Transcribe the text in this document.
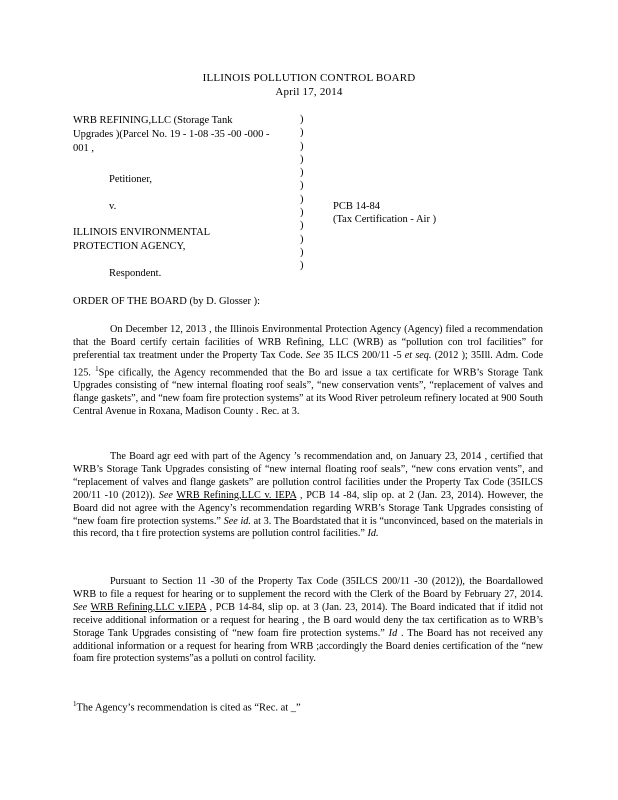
ILLINOIS POLLUTION CONTROL BOARD
April 17, 2014
WRB REFINING,LLC (Storage Tank
Upgrades )(Parcel No. 19 - 1-08 -35 -00 -000 -
001 ,
Petitioner,
v.
ILLINOIS ENVIRONMENTAL
PROTECTION AGENCY,
Respondent.
)
)
)
)
)
)
)
)
)
)
)
)
PCB 14-84
(Tax Certification - Air )
ORDER OF THE BOARD (by D. Glosser ):
On December 12, 2013 , the Illinois Environmental Protection Agency (Agency) filed a recommendation that the Board certify certain facilities of WRB Refining, LLC (WRB) as “pollution con trol facilities” for preferential tax treatment under the Property Tax Code. See 35 ILCS 200/11 -5 et seq. (2012 ); 35Ill. Adm. Code 125. $^1$Spe cifically, the Agency recommended that the Bo ard issue a tax certificate for WRB’s Storage Tank Upgrades consisting of “new internal floating roof seals”, “new conservation vents”, “replacement of valves and flange gaskets”, and “new foam fire protection systems” at its Wood River petroleum refinery located at 900 South Central Avenue in Roxana, Madison County . Rec. at 3.
The Board agr eed with part of the Agency ’s recommendation and, on January 23, 2014 , certified that WRB’s Storage Tank Upgrades consisting of “new internal floating roof seals”, “new cons ervation vents”, and “replacement of valves and flange gaskets” are pollution control facilities under the Property Tax Code (35ILCS 200/11 -10 (2012)). See WRB Refining,LLC v. IEPA , PCB 14 -84, slip op. at 2 (Jan. 23, 2014). However, the Board did not agree with the Agency’s recommendation regarding WRB’s Storage Tank Upgrades consisting of “new foam fire protection systems.” See id. at 3. The Boardstated that it is “unconvinced, based on the materials in this record, tha t fire protection systems are pollution control facilities.” Id.
Pursuant to Section 11 -30 of the Property Tax Code (35ILCS 200/11 -30 (2012)), the Boardallowed WRB to file a request for hearing or to supplement the record with the Clerk of the Board by February 27, 2014. See WRB Refining,LLC v.IEPA , PCB 14-84, slip op. at 3 (Jan. 23, 2014). The Board indicated that if itdid not receive additional information or a request for hearing , the B oard would deny the tax certification as to WRB’s Storage Tank Upgrades consisting of “new foam fire protection systems.” Id . The Board has not received any additional information or a request for hearing from WRB ;accordingly the Board denies certification of the “new foam fire protection systems”as a polluti on control facility.
$^1$The Agency’s recommendation is cited as “Rec. at _”
